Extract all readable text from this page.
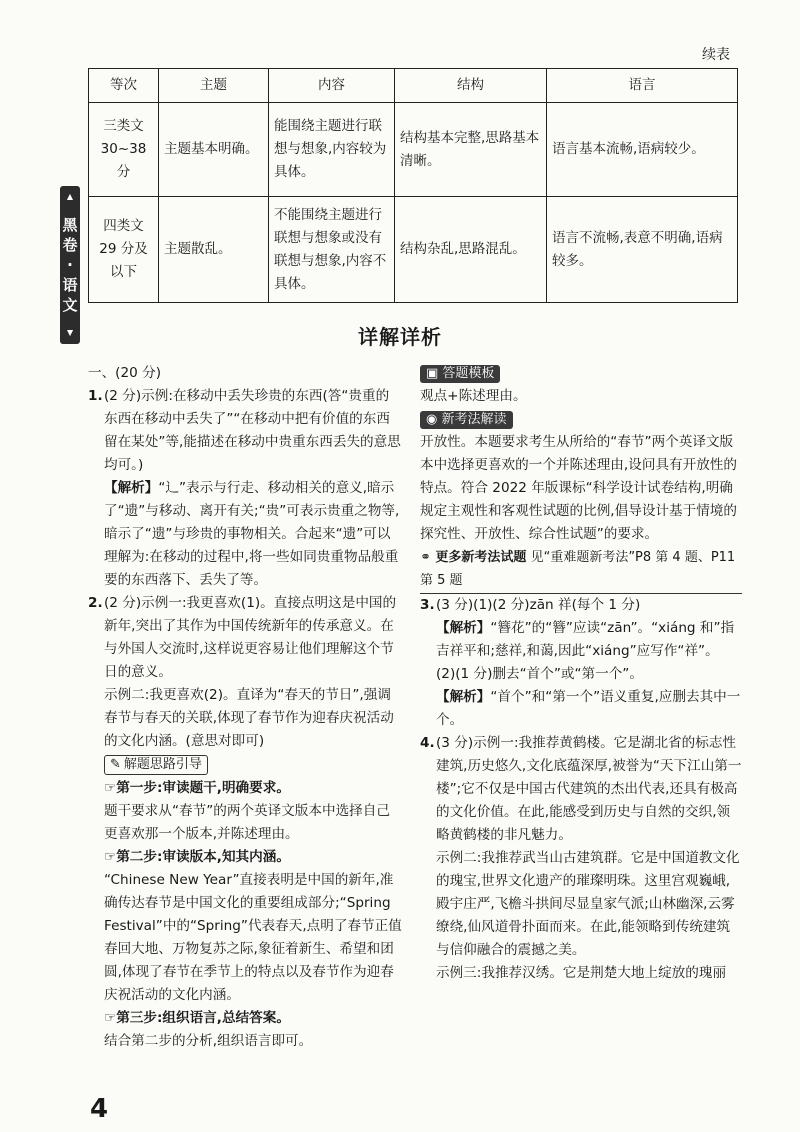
续表
等次	主题	内容	结构	语言
三类文
30~38 分	主题基本明确。	能围绕主题进行联想与想象,内容较为具体。	结构基本完整,思路基本清晰。	语言基本流畅,语病较少。
四类文
29 分及以下	主题散乱。	不能围绕主题进行联想与想象或没有联想与想象,内容不具体。	结构杂乱,思路混乱。	语言不流畅,表意不明确,语病较多。
▲
黑
卷
·
语
文
▲	详解详析

一、(20 分)

1.(2 分)示例:在移动中丢失珍贵的东西(答“贵重的东西在移动中丢失了”“在移动中把有价值的东西留在某处”等,能描述在移动中贵重东西丢失的意思均可。)

【解析】“辶”表示与行走、移动相关的意义,暗示了“遗”与移动、离开有关;“贵”可表示贵重之物等,暗示了“遗”与珍贵的事物相关。合起来“遗”可以理解为:在移动的过程中,将一些如同贵重物品般重要的东西落下、丢失了等。

2.(2 分)示例一:我更喜欢(1)。直接点明这是中国的新年,突出了其作为中国传统新年的传承意义。在与外国人交流时,这样说更容易让他们理解这个节日的意义。

示例二:我更喜欢(2)。直译为“春天的节日”,强调春节与春天的关联,体现了春节作为迎春庆祝活动的文化内涵。(意思对即可)

✎ 解题思路引导

☞第一步:审读题干,明确要求。

题干要求从“春节”的两个英译文版本中选择自己更喜欢那一个版本,并陈述理由。

☞第二步:审读版本,知其内涵。

“Chinese New Year”直接表明是中国的新年,准确传达春节是中国文化的重要组成部分;“Spring Festival”中的“Spring”代表春天,点明了春节正值春回大地、万物复苏之际,象征着新生、希望和团圆,体现了春节在季节上的特点以及春节作为迎春庆祝活动的文化内涵。

☞第三步:组织语言,总结答案。

结合第二步的分析,组织语言即可。

▣ 答题模板

观点+陈述理由。

◉ 新考法解读

开放性。本题要求考生从所给的“春节”两个英译文版本中选择更喜欢的一个并陈述理由,设问具有开放性的特点。符合 2022 年版课标“科学设计试卷结构,明确规定主观性和客观性试题的比例,倡导设计基于情境的探究性、开放性、综合性试题”的要求。

⚭ 更多新考法试题 见“重难题新考法”P8 第 4 题、P11 第 5 题

3.(3 分)(1)(2 分)zān 祥(每个 1 分)

【解析】“簪花”的“簪”应读“zān”。“xiáng 和”指吉祥平和;慈祥,和蔼,因此“xiáng”应写作“祥”。

(2)(1 分)删去“首个”或“第一个”。

【解析】“首个”和“第一个”语义重复,应删去其中一个。

4.(3 分)示例一:我推荐黄鹤楼。它是湖北省的标志性建筑,历史悠久,文化底蕴深厚,被誉为“天下江山第一楼”;它不仅是中国古代建筑的杰出代表,还具有极高的文化价值。在此,能感受到历史与自然的交织,领略黄鹤楼的非凡魅力。

示例二:我推荐武当山古建筑群。它是中国道教文化的瑰宝,世界文化遗产的璀璨明珠。这里宫观巍峨,殿宇庄严,飞檐斗拱间尽显皇家气派;山林幽深,云雾缭绕,仙风道骨扑面而来。在此,能领略到传统建筑与信仰融合的震撼之美。

示例三:我推荐汉绣。它是荆楚大地上绽放的瑰丽

4
